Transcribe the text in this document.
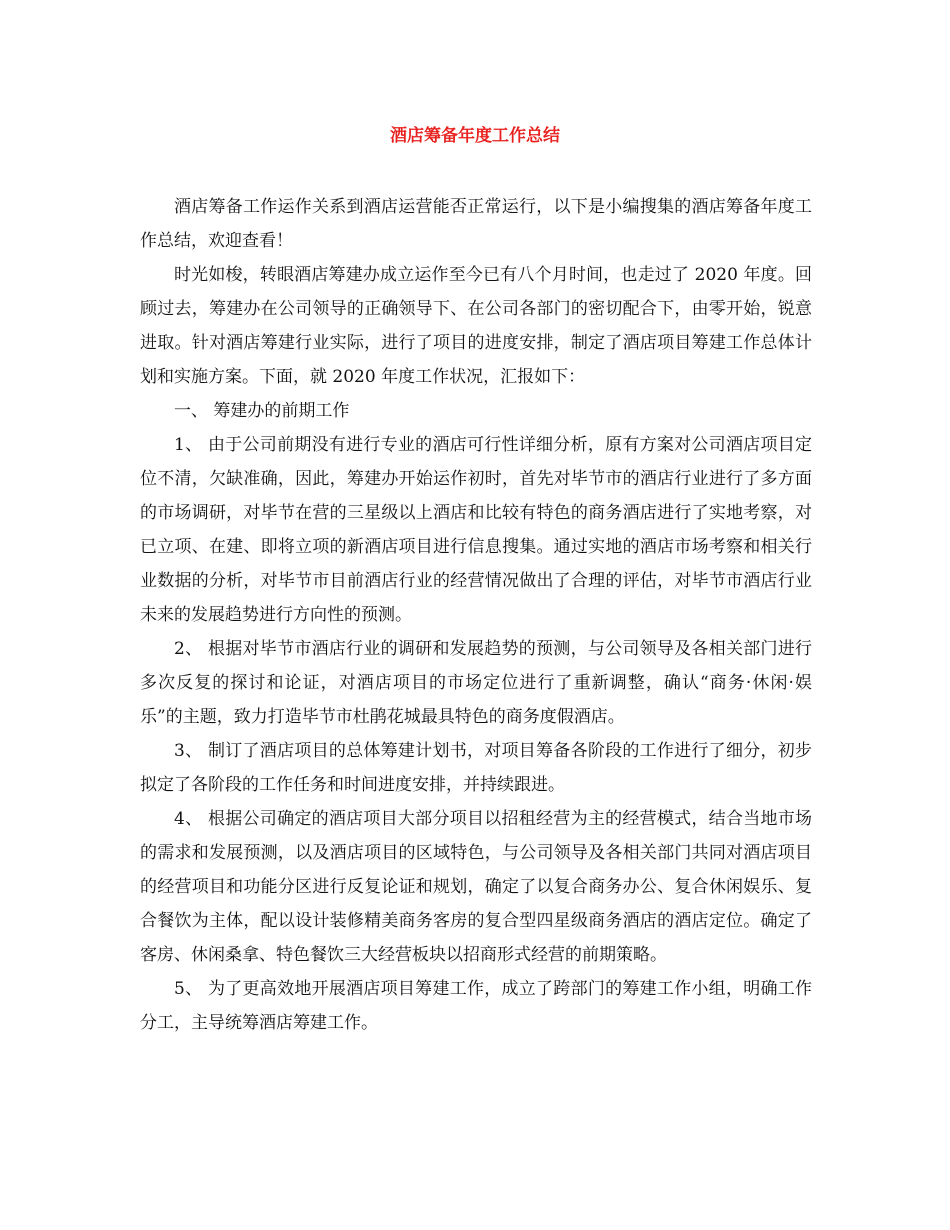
酒店筹备年度工作总结

酒店筹备工作运作关系到酒店运营能否正常运行，以下是小编搜集的酒店筹备年度工作总结，欢迎查看！

时光如梭，转眼酒店筹建办成立运作至今已有八个月时间，也走过了 2020 年度。回顾过去，筹建办在公司领导的正确领导下、在公司各部门的密切配合下，由零开始，锐意进取。针对酒店筹建行业实际，进行了项目的进度安排，制定了酒店项目筹建工作总体计划和实施方案。下面，就 2020 年度工作状况，汇报如下：

一、 筹建办的前期工作

1、 由于公司前期没有进行专业的酒店可行性详细分析，原有方案对公司酒店项目定位不清，欠缺准确，因此，筹建办开始运作初时，首先对毕节市的酒店行业进行了多方面的市场调研，对毕节在营的三星级以上酒店和比较有特色的商务酒店进行了实地考察，对已立项、在建、即将立项的新酒店项目进行信息搜集。通过实地的酒店市场考察和相关行业数据的分析，对毕节市目前酒店行业的经营情况做出了合理的评估，对毕节市酒店行业未来的发展趋势进行方向性的预测。

2、 根据对毕节市酒店行业的调研和发展趋势的预测，与公司领导及各相关部门进行多次反复的探讨和论证，对酒店项目的市场定位进行了重新调整，确认“商务·休闲·娱乐”的主题，致力打造毕节市杜鹃花城最具特色的商务度假酒店。

3、 制订了酒店项目的总体筹建计划书，对项目筹备各阶段的工作进行了细分，初步拟定了各阶段的工作任务和时间进度安排，并持续跟进。

4、 根据公司确定的酒店项目大部分项目以招租经营为主的经营模式，结合当地市场的需求和发展预测，以及酒店项目的区域特色，与公司领导及各相关部门共同对酒店项目的经营项目和功能分区进行反复论证和规划，确定了以复合商务办公、复合休闲娱乐、复合餐饮为主体，配以设计装修精美商务客房的复合型四星级商务酒店的酒店定位。确定了客房、休闲桑拿、特色餐饮三大经营板块以招商形式经营的前期策略。

5、 为了更高效地开展酒店项目筹建工作，成立了跨部门的筹建工作小组，明确工作分工，主导统筹酒店筹建工作。
